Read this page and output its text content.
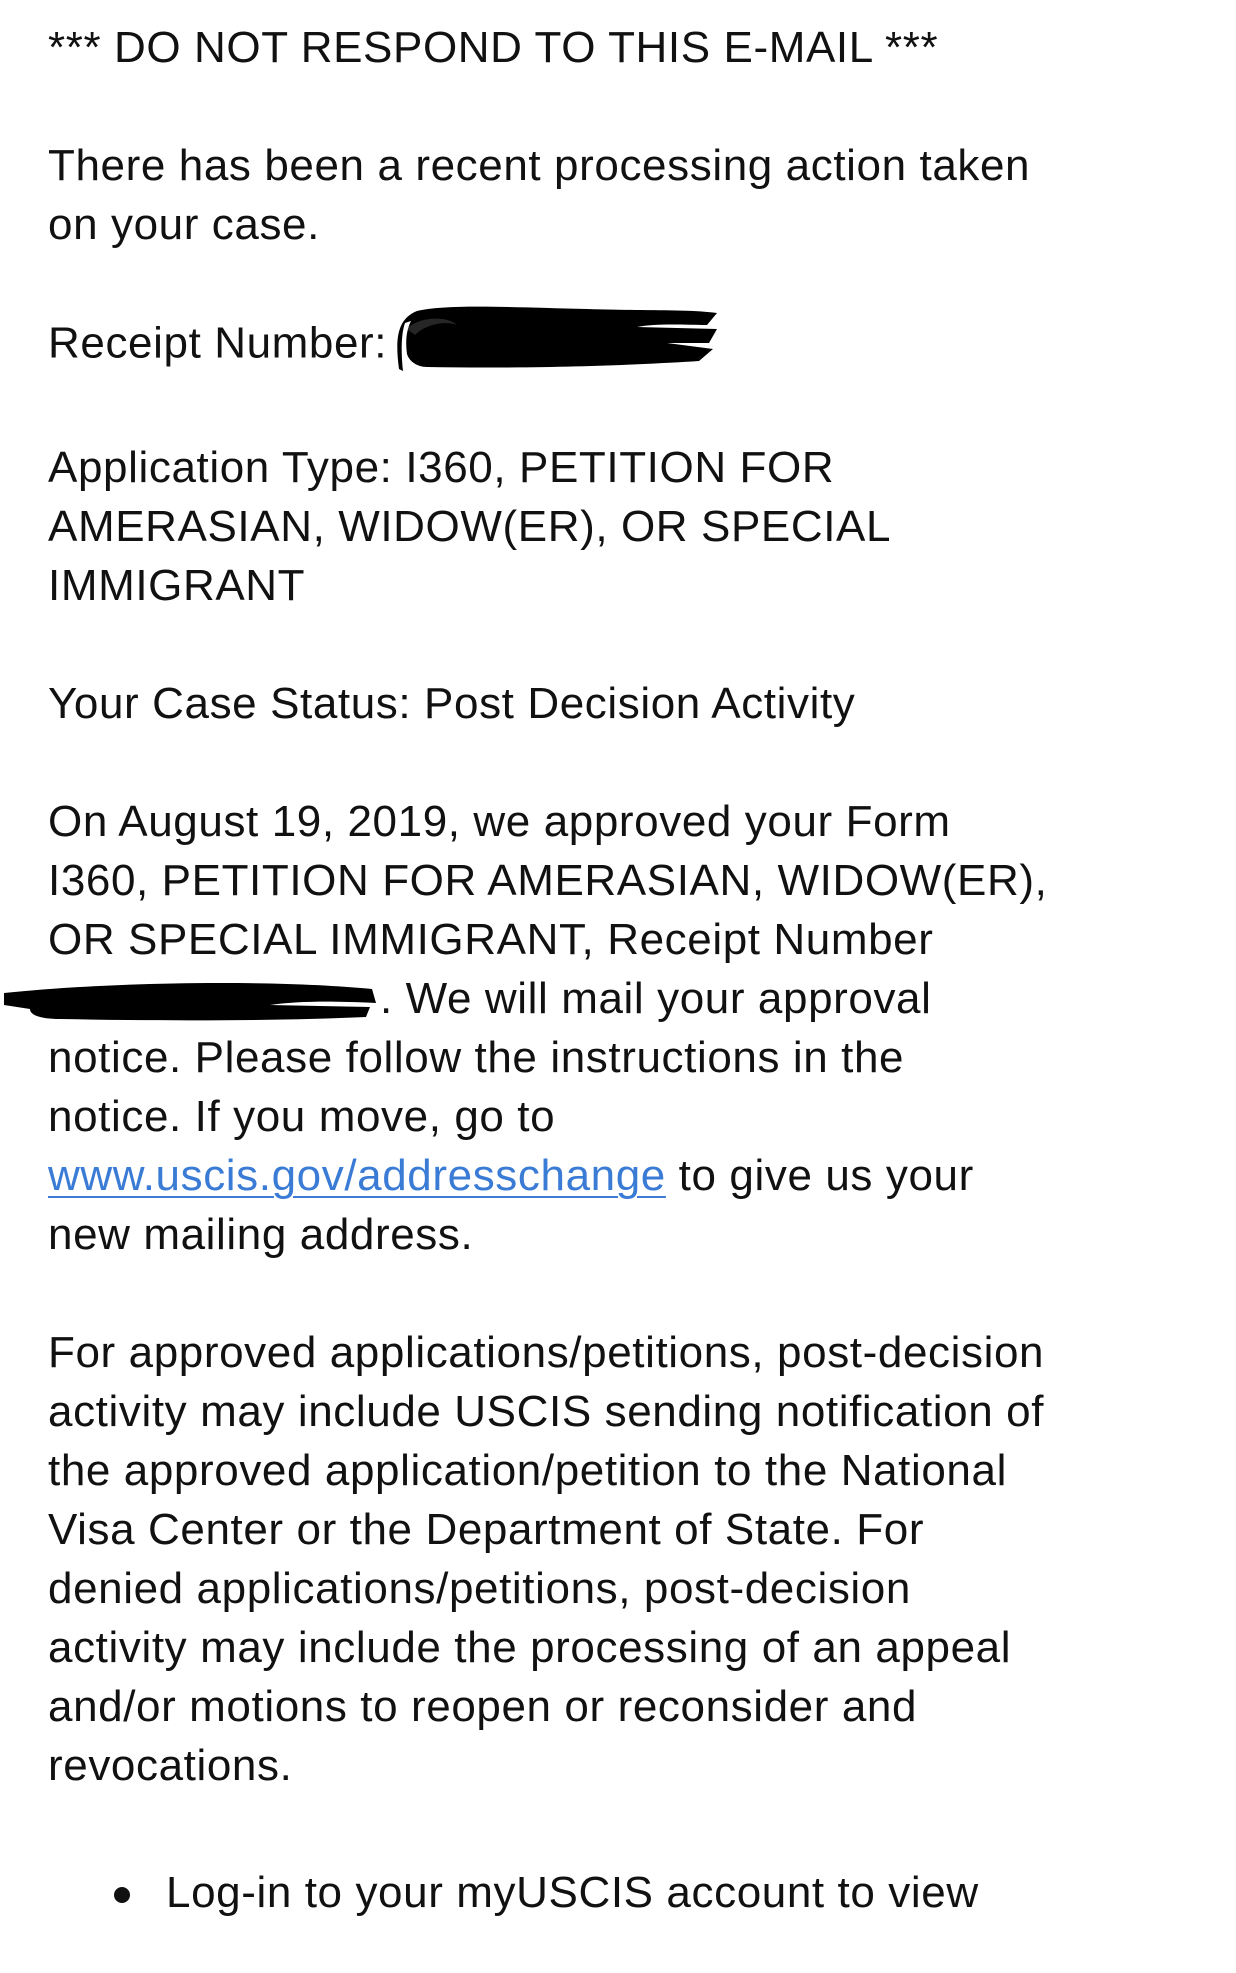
*** DO NOT RESPOND TO THIS E-MAIL ***

There has been a recent processing action taken
on your case.

Receipt Number:

Application Type: I360, PETITION FOR
AMERASIAN, WIDOW(ER), OR SPECIAL
IMMIGRANT

Your Case Status: Post Decision Activity

On August 19, 2019, we approved your Form
I360, PETITION FOR AMERASIAN, WIDOW(ER),
OR SPECIAL IMMIGRANT, Receipt Number
. We will mail your approval
notice. Please follow the instructions in the
notice. If you move, go to
www.uscis.gov/addresschange to give us your
new mailing address.

For approved applications/petitions, post-decision
activity may include USCIS sending notification of
the approved application/petition to the National
Visa Center or the Department of State. For
denied applications/petitions, post-decision
activity may include the processing of an appeal
and/or motions to reopen or reconsider and
revocations.

Log-in to your myUSCIS account to view
